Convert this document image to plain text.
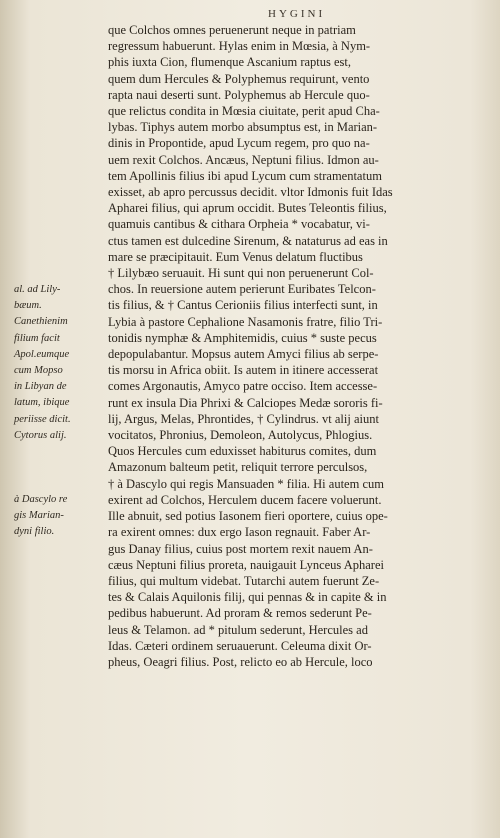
HYGINI
que Colchos omnes peruenerunt neque in patriam
regressum habuerunt. Hylas enim in Mœsia, à Nym-
phis iuxta Cion, flumenque Ascanium raptus est,
quem dum Hercules & Polyphemus requirunt, vento
rapta naui deserti sunt. Polyphemus ab Hercule quo-
que relictus condita in Mœsia ciuitate, perit apud Cha-
lybas. Tiphys autem morbo absumptus est, in Marian-
dinis in Propontide, apud Lycum regem, pro quo na-
uem rexit Colchos. Ancæus, Neptuni filius. Idmon au-
tem Apollinis filius ibi apud Lycum cum stramentatum
exisset, ab apro percussus decidit. vltor Idmonis fuit Idas
Apharei filius, qui aprum occidit. Butes Teleontis filius,
quamuis cantibus & cithara Orpheia * vocabatur, vi-
ctus tamen est dulcedine Sirenum, & nataturus ad eas in
mare se præcipitauit. Eum Venus delatum fluctibus
† Lilybæo seruauit. Hi sunt qui non peruenerunt Col-
chos. In reuersione autem perierunt Euribates Telcon-
tis filius, & † Cantus Cerioniis filius interfecti sunt, in
Lybia à pastore Cephalione Nasamonis fratre, filio Tri-
tonidis nymphæ & Amphitemidis, cuius * suste pecus
depopulabantur. Mopsus autem Amyci filius ab serpe-
tis morsu in Africa obiit. Is autem in itinere accesserat
comes Argonautis, Amyco patre occiso. Item accesse-
runt ex insula Dia Phrixi & Calciopes Medæ sororis fi-
lij, Argus, Melas, Phrontides, † Cylindrus. vt alij aiunt
vocitatos, Phronius, Demoleon, Autolycus, Phlogius.
Quos Hercules cum eduxisset habiturus comites, dum
Amazonum balteum petit, reliquit terrore perculsos,
† à Dascylo qui regis Mansuaden * filia. Hi autem cum
exirent ad Colchos, Herculem ducem facere voluerunt.
Ille abnuit, sed potius Iasonem fieri oportere, cuius ope-
ra exirent omnes: dux ergo Iason regnauit. Faber Ar-
gus Danay filius, cuius post mortem rexit nauem An-
cæus Neptuni filius proreta, nauigauit Lynceus Apharei
filius, qui multum videbat. Tutarchi autem fuerunt Ze-
tes & Calais Aquilonis filij, qui pennas & in capite & in
pedibus habuerunt. Ad proram & remos sederunt Pe-
leus & Telamon. ad * pitulum sederunt, Hercules ad
Idas. Cæteri ordinem seruauerunt. Celeuma dixit Or-
pheus, Oeagri filius. Post, relicto eo ab Hercule, loco
al. ad Lily-
bæum.
Canethienim
filium facit
Apol.eumque
cum Mopso
in Libyan de
latum, ibique
periisse dicit.
Cytorus alij.
à Dascylo re
gis Marian-
dyni filio.
